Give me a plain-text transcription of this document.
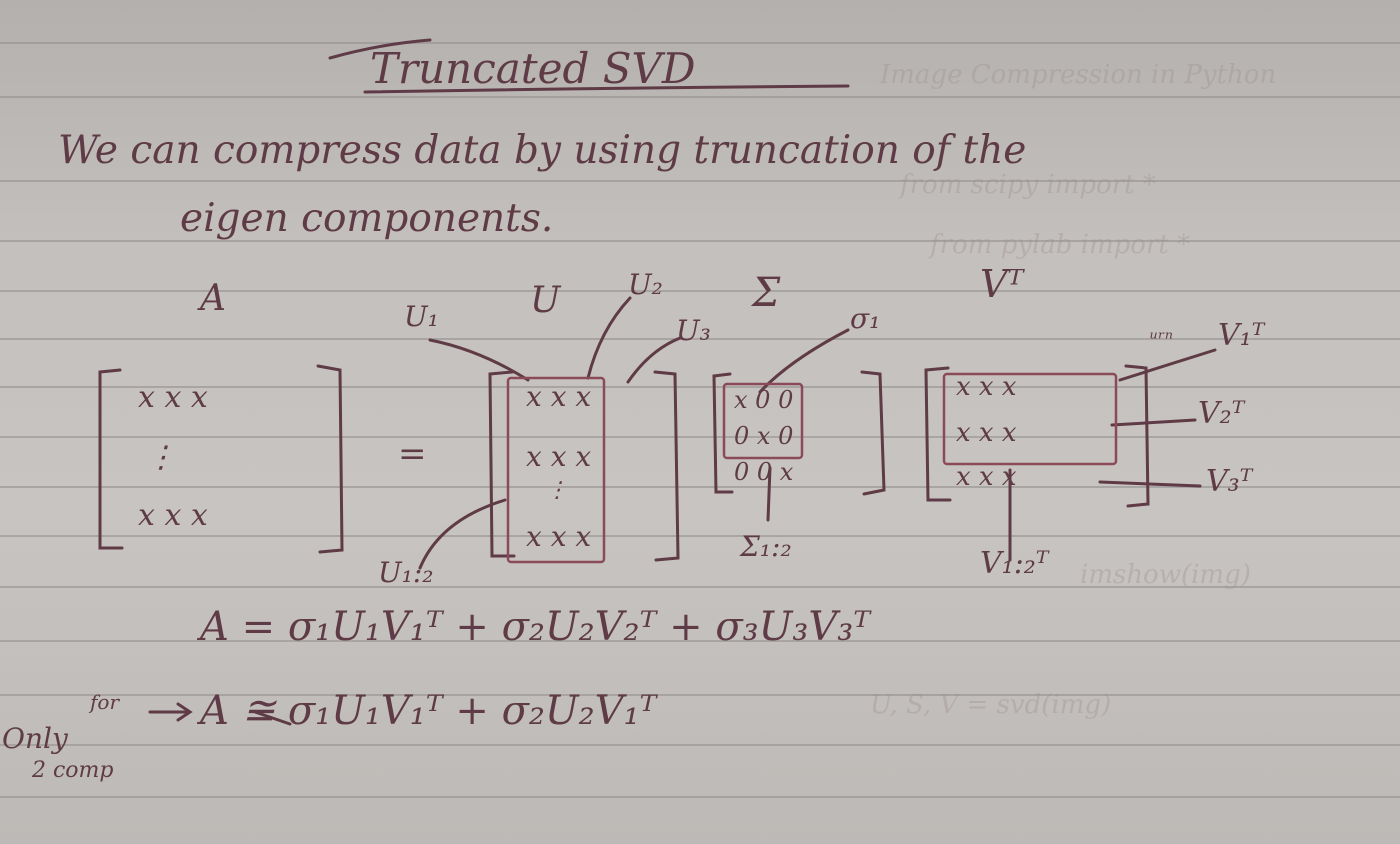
Image Compression in Python
from scipy import *
from pylab import *
imshow(img)
U, S, V = svd(img)
Truncated SVD
We can compress data by using truncation of the
eigen components.
A	U	Σ	Vᵀ
U₁
U₂
U₃	σ₁
ᵘʳⁿ V₁ᵀ
V₂ᵀ
V₃ᵀ
x x x
⋮
x x x
=
x x x
x x x
⋮
x x x
x 0 0
0 x 0
0 0 x
x x x
x x x
x x x
U₁:₂
Σ₁:₂	V₁:₂ᵀ
A = σ₁U₁V₁ᵀ + σ₂U₂V₂ᵀ + σ₃U₃V₃ᵀ
A ≅ σ₁U₁V₁ᵀ + σ₂U₂V₁ᵀ
for
Only
2 comp
